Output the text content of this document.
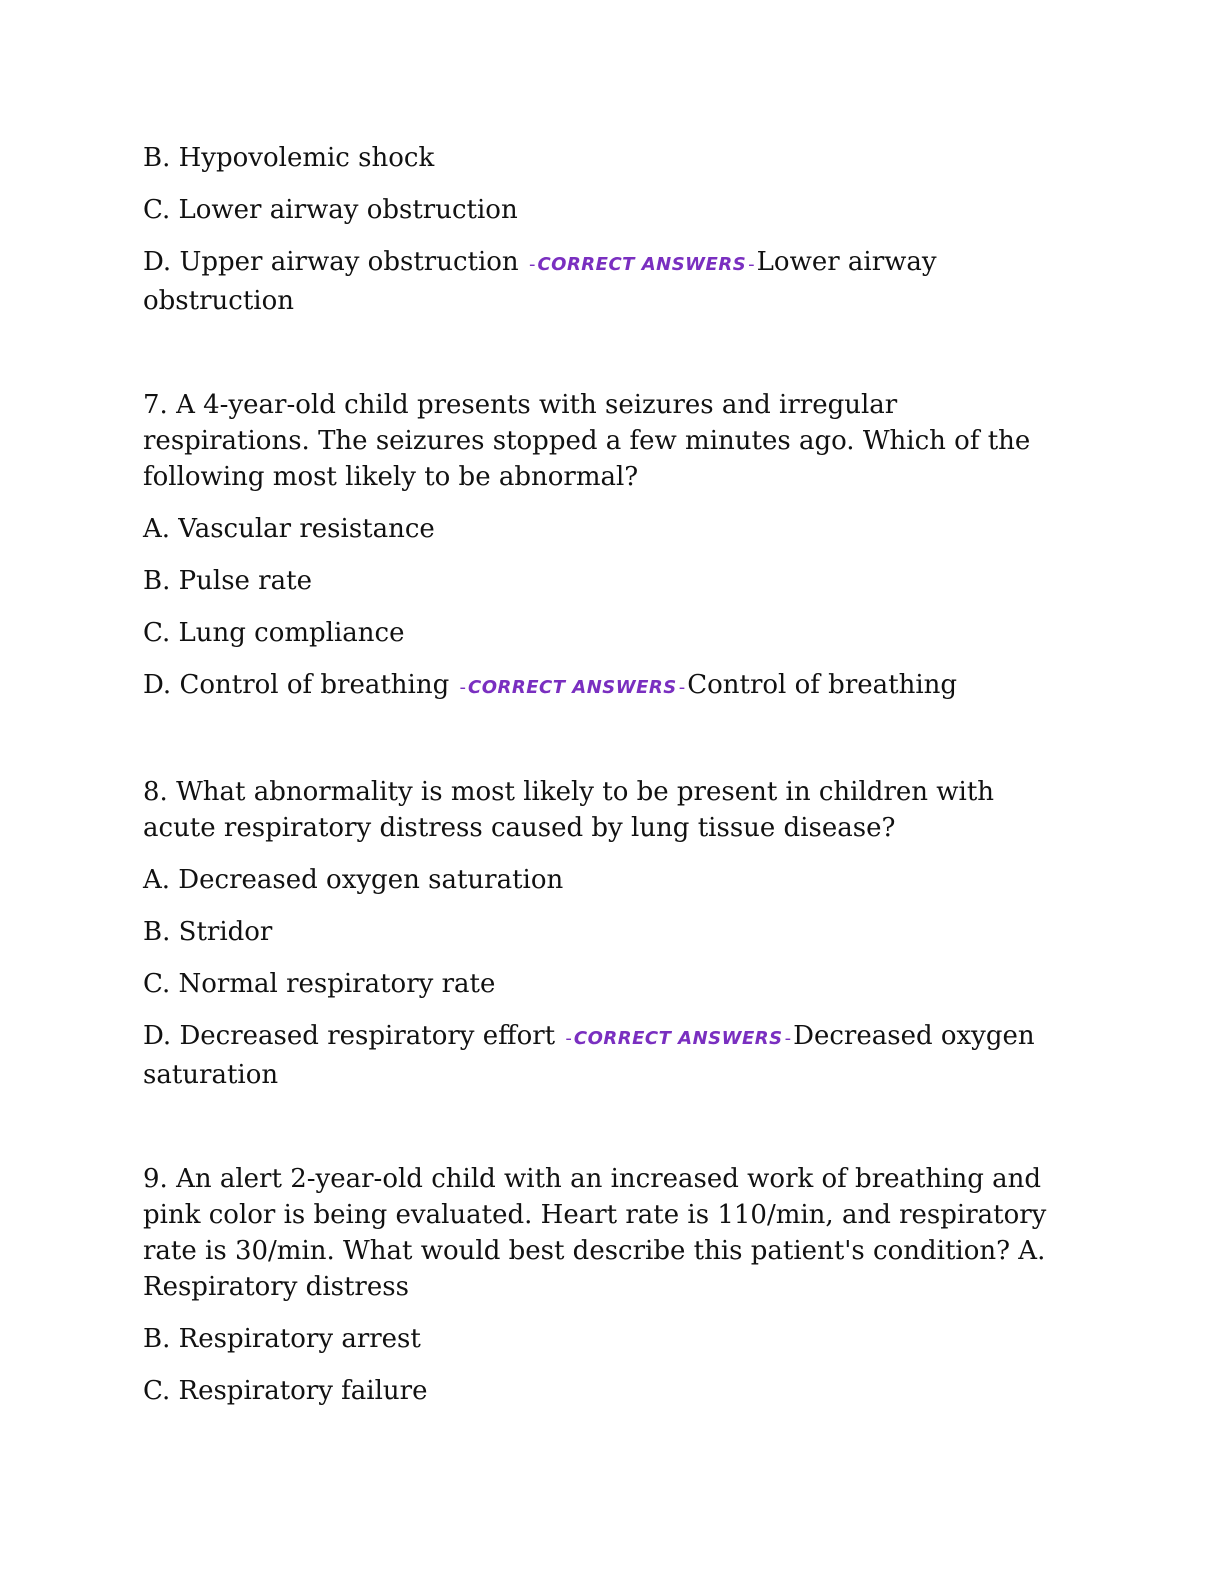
B. Hypovolemic shock

C. Lower airway obstruction

D. Upper airway obstruction - CORRECT ANSWERS -Lower airway obstruction

7. A 4-year-old child presents with seizures and irregular respirations. The seizures stopped a few minutes ago. Which of the following most likely to be abnormal?

A. Vascular resistance

B. Pulse rate

C. Lung compliance

D. Control of breathing - CORRECT ANSWERS -Control of breathing

8. What abnormality is most likely to be present in children with acute respiratory distress caused by lung tissue disease?

A. Decreased oxygen saturation

B. Stridor

C. Normal respiratory rate

D. Decreased respiratory effort - CORRECT ANSWERS -Decreased oxygen saturation

9. An alert 2-year-old child with an increased work of breathing and pink color is being evaluated. Heart rate is 110/min, and respiratory rate is 30/min. What would best describe this patient's condition? A. Respiratory distress

B. Respiratory arrest

C. Respiratory failure
